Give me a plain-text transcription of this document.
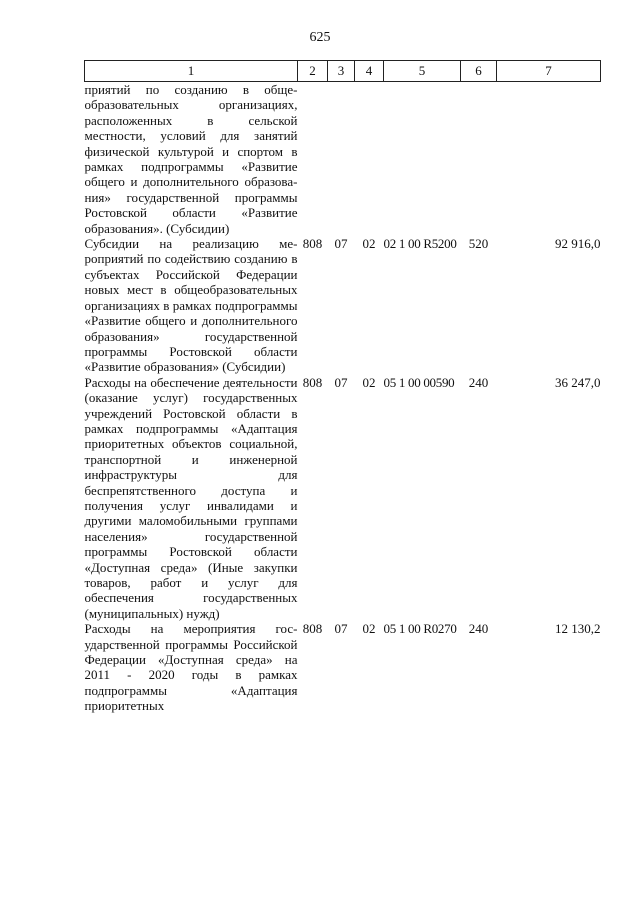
625
1	2	3	4	5	6	7
приятий по созданию в общеобразовательных организациях, расположенных в сельской местности, условий для занятий физической культурой и спортом в рамках подпрограммы «Развитие общего и дополнительного образования» государственной программы Ростовской области «Развитие образования». (Субсидии)						
Субсидии на реализацию мероприятий по содействию созданию в субъектах Российской Федерации новых мест в общеобразовательных организациях в рамках подпрограммы «Развитие общего и дополнительного образования» государственной программы Ростовской области «Развитие образования» (Субсидии)	808	07	02	02 1 00 R5200	520	92 916,0
Расходы на обеспечение деятельности (оказание услуг) государственных учреждений Ростовской области в рамках подпрограммы «Адаптация приоритетных объектов социальной, транспортной и инженерной инфраструктуры для беспрепятственного доступа и получения услуг инвалидами и другими маломобильными группами населения» государственной программы Ростовской области «Доступная среда» (Иные закупки товаров, работ и услуг для обеспечения государственных (муниципальных) нужд)	808	07	02	05 1 00 00590	240	36 247,0
Расходы на мероприятия государственной программы Российской Федерации «Доступная среда» на 2011 - 2020 годы в рамках подпрограммы «Адаптация приоритетных	808	07	02	05 1 00 R0270	240	12 130,2
